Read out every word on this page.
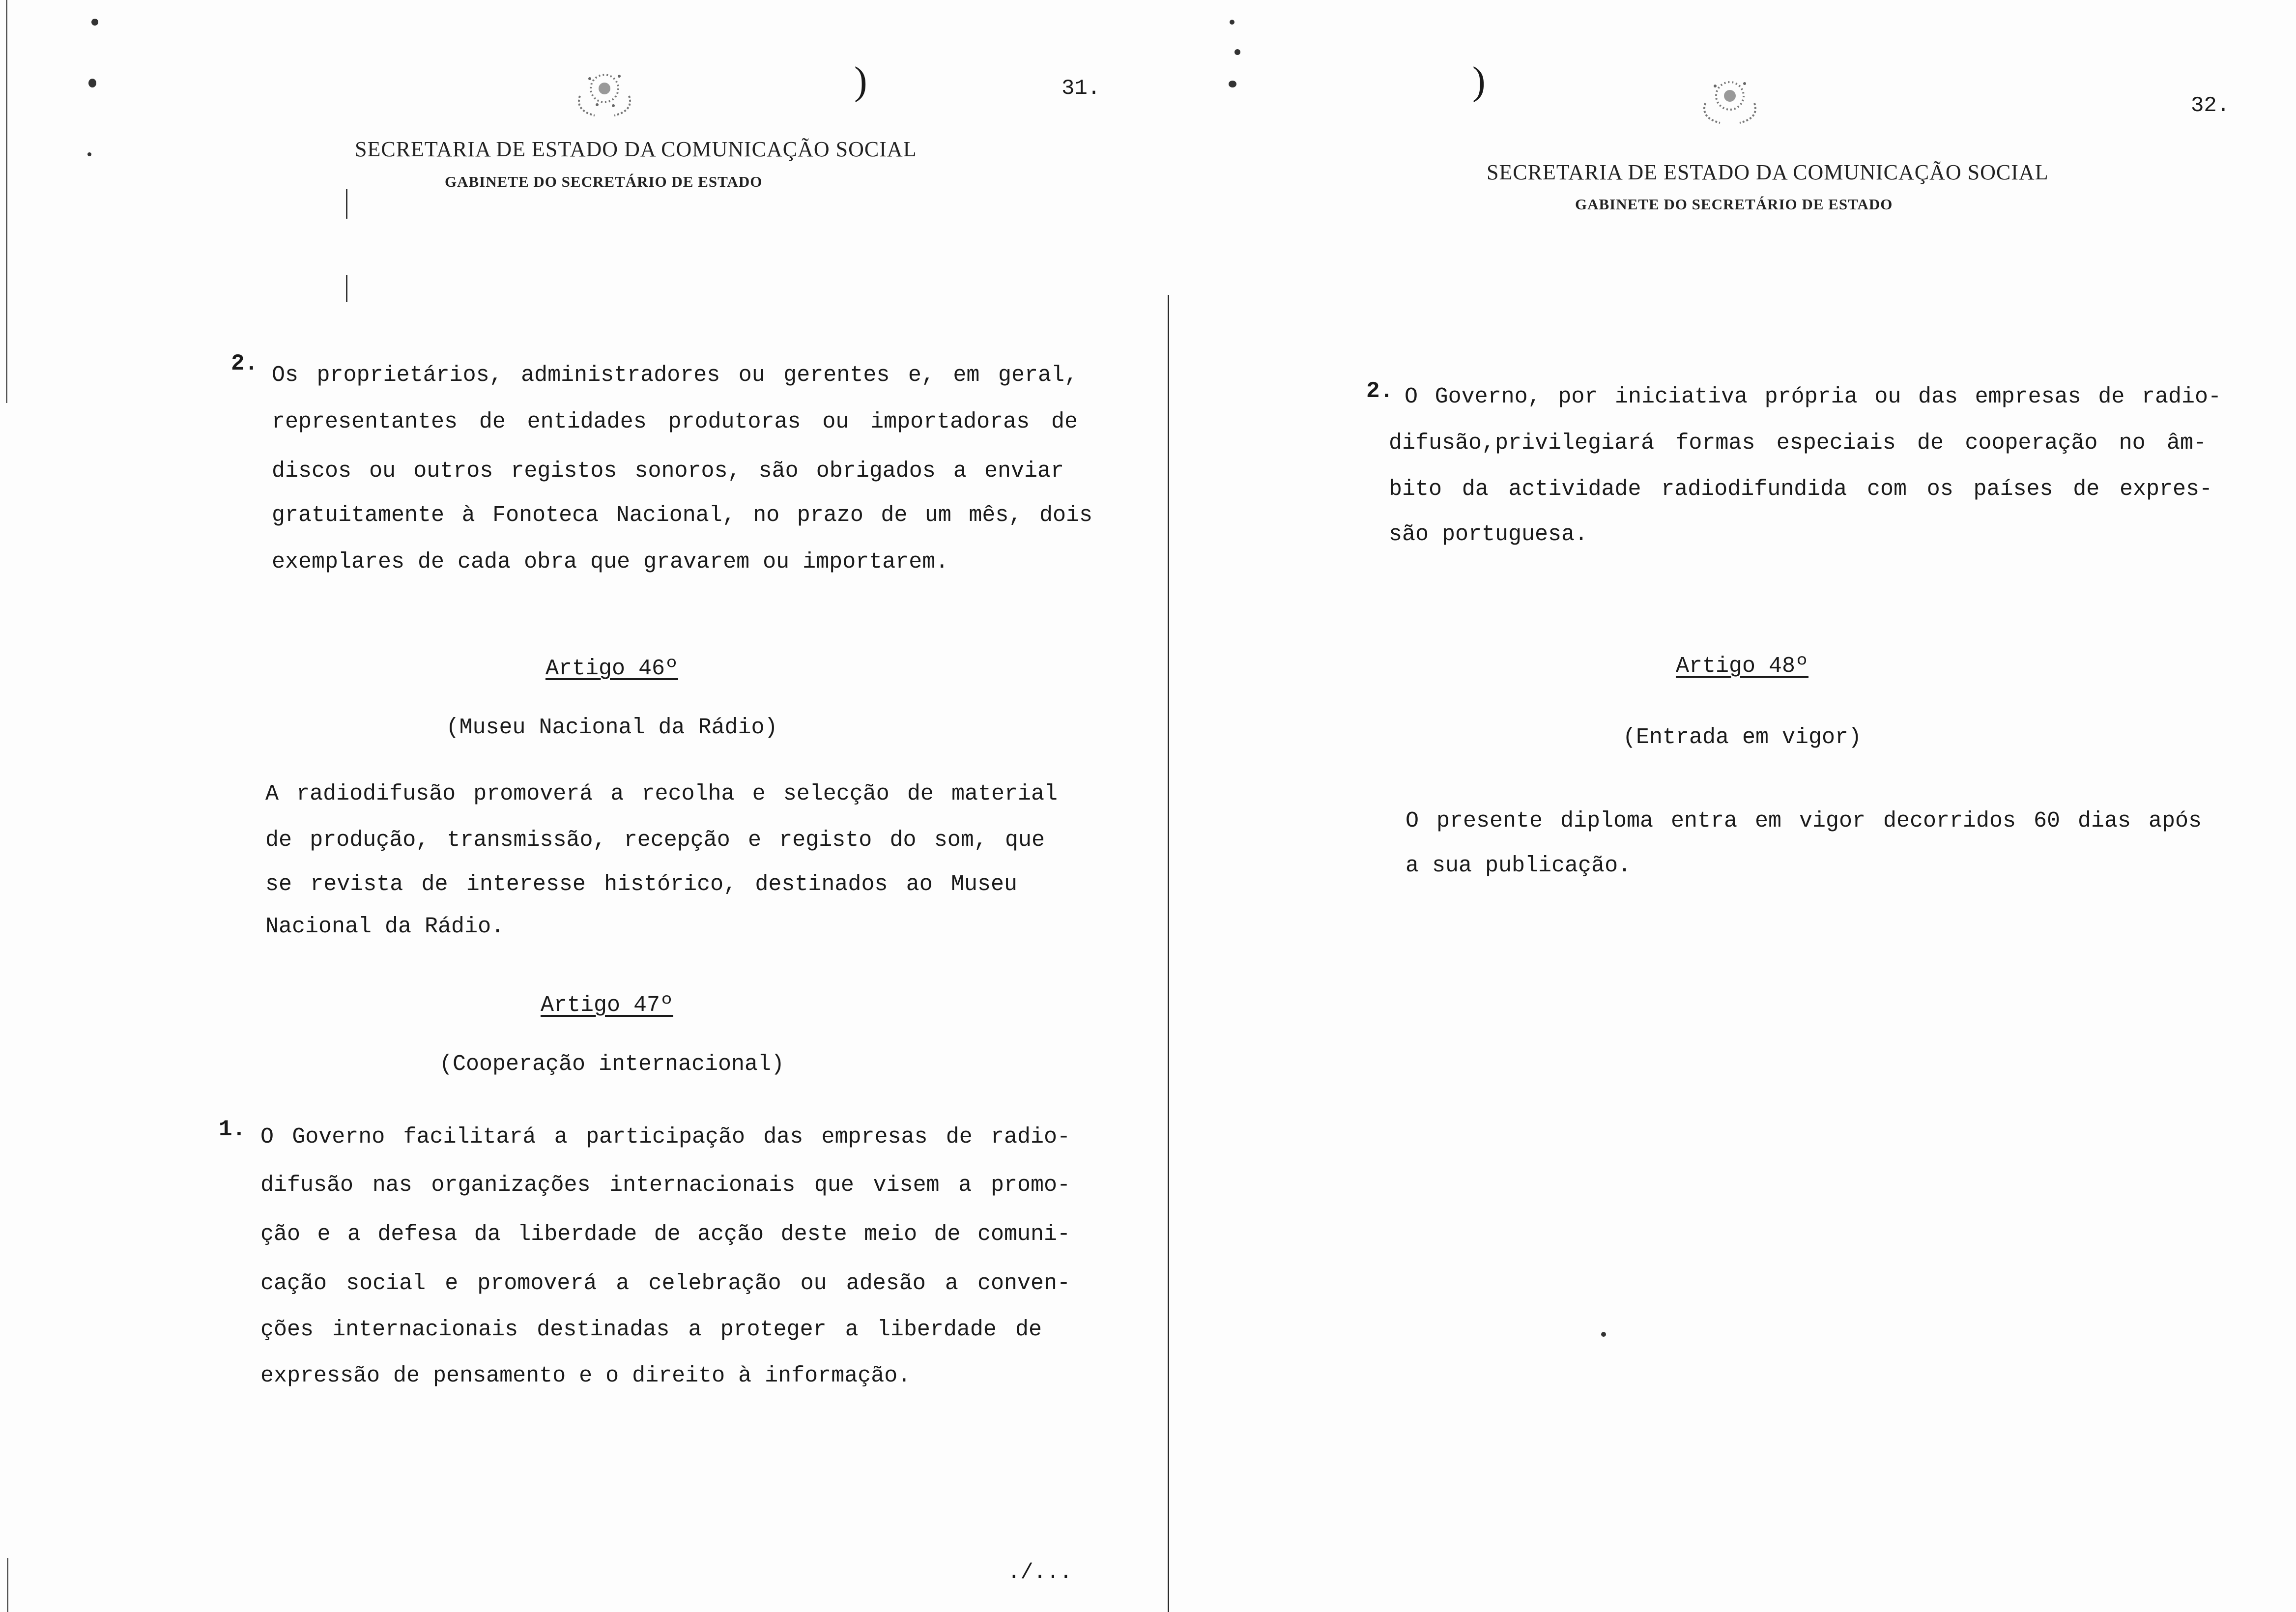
)	31.
SECRETARIA DE ESTADO DA COMUNICAÇÃO SOCIAL
GABINETE DO SECRETÁRIO DE ESTADO
2. Os proprietários, administradores ou gerentes e, em geral,
representantes de entidades produtoras ou importadoras de
discos ou outros registos sonoros, são obrigados a enviar
gratuitamente à Fonoteca Nacional, no prazo de um mês, dois
exemplares de cada obra que gravarem ou importarem.
Artigo 46º
(Museu Nacional da Rádio)
A radiodifusão promoverá a recolha e selecção de material
de produção, transmissão, recepção e registo do som, que
se revista de interesse histórico, destinados ao Museu
Nacional da Rádio.
Artigo 47º
(Cooperação internacional)
1. O Governo facilitará a participação das empresas de radio-
difusão nas organizações internacionais que visem a promo-
ção e a defesa da liberdade de acção deste meio de comuni-
cação social e promoverá a celebração ou adesão a conven-
ções internacionais destinadas a proteger a liberdade de
expressão de pensamento e o direito à informação.
./...
)
32.
SECRETARIA DE ESTADO DA COMUNICAÇÃO SOCIAL
GABINETE DO SECRETÁRIO DE ESTADO
2. O Governo, por iniciativa própria ou das empresas de radio-
difusão,privilegiará formas especiais de cooperação no âm-
bito da actividade radiodifundida com os países de expres-
são portuguesa.
Artigo 48º
(Entrada em vigor)
O presente diploma entra em vigor decorridos 60 dias após
a sua publicação.
